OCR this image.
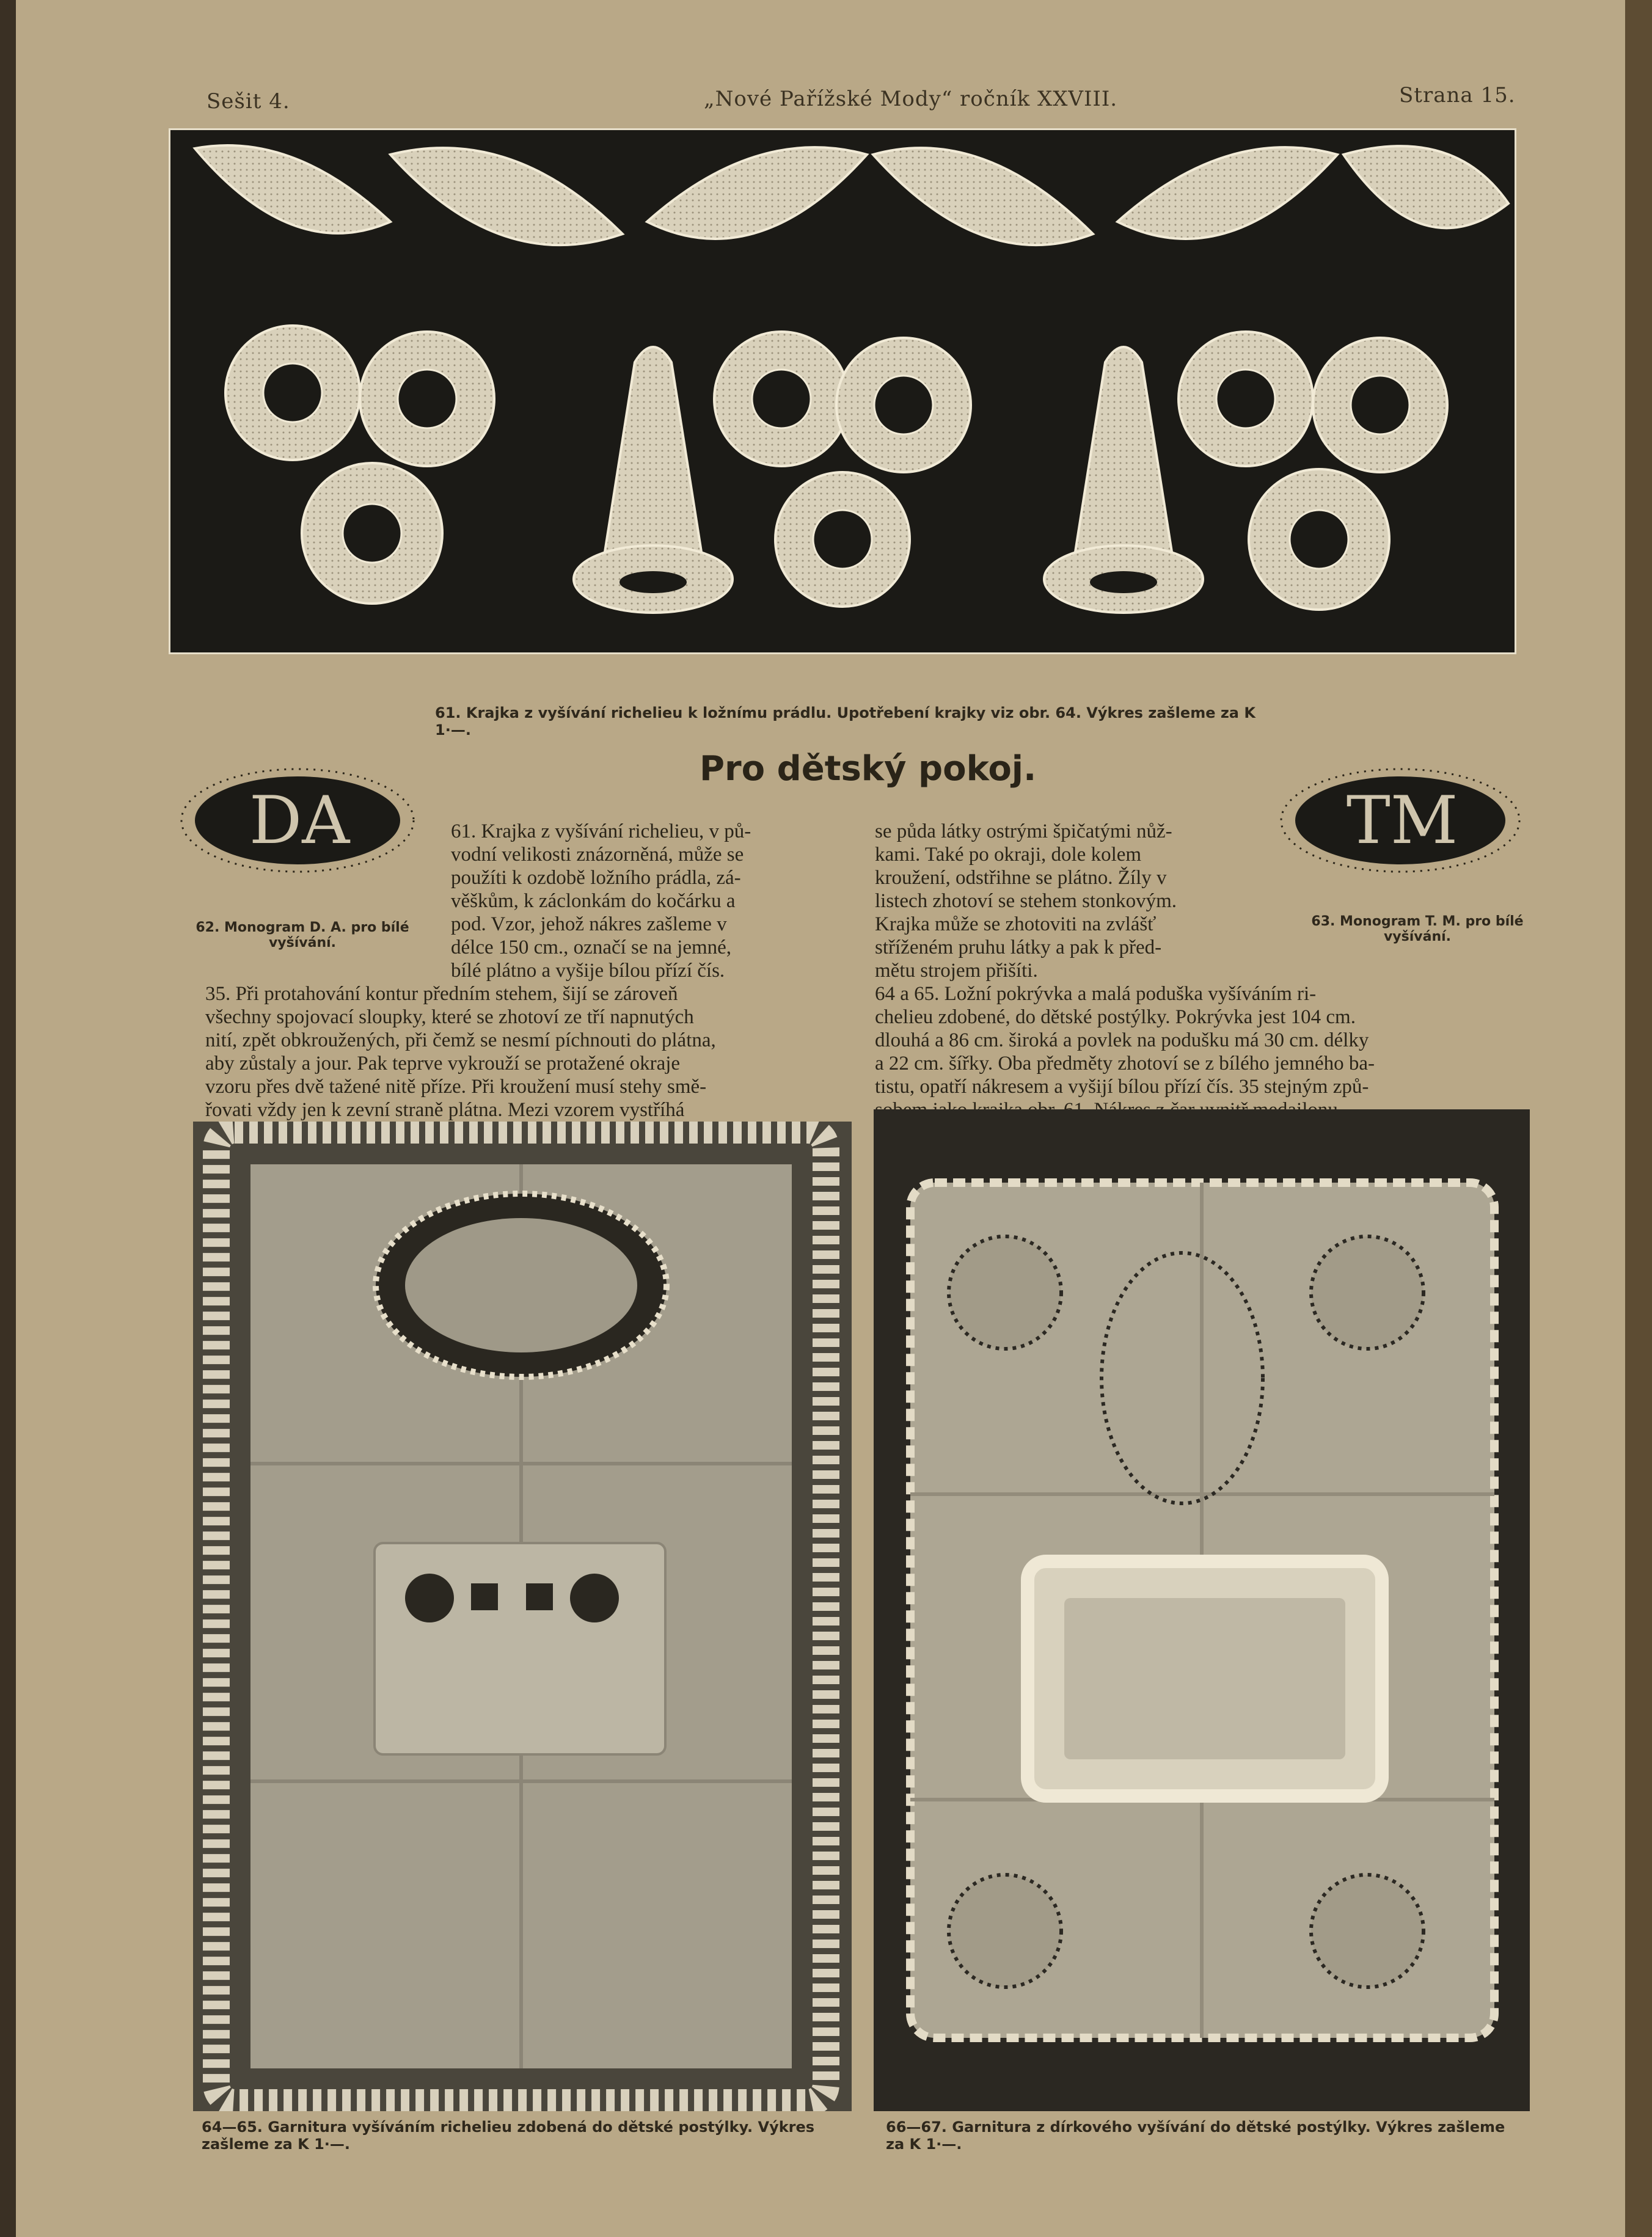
Sešit 4.	„Nové Pařížské Mody“ ročník XXVIII.	Strana 15.
61. Krajka z vyšívání richelieu k ložnímu prádlu. Upotřebení krajky viz obr. 64. Výkres zašleme za K 1·—.
DA
62. Monogram D. A. pro bílé vyšívání.
TM
63. Monogram T. M. pro bílé vyšívání.
Pro dětský pokoj.
61. Krajka z vyšívání richelieu, v pů-
vodní velikosti znázorněná, může se
použíti k ozdobě ložního prádla, zá-
věškům, k záclonkám do kočárku a
pod. Vzor, jehož nákres zašleme v
délce 150 cm., označí se na jemné,
bílé plátno a vyšije bílou přízí čís.
35. Při protahování kontur předním stehem, šijí se zároveň
všechny spojovací sloupky, které se zhotoví ze tří napnutých
nití, zpět obkroužených, při čemž se nesmí píchnouti do plátna,
aby zůstaly a jour. Pak teprve vykrouží se protažené okraje
vzoru přes dvě tažené nitě příze. Při kroužení musí stehy smě-
řovati vždy jen k zevní straně plátna. Mezi vzorem vystříhá
se půda látky ostrými špičatými nůž-
kami. Také po okraji, dole kolem
kroužení, odstřihne se plátno. Žíly v
listech zhotoví se stehem stonkovým.
Krajka může se zhotoviti na zvlášť
stříženém pruhu látky a pak k před-
mětu strojem přišíti.
64 a 65. Ložní pokrývka a malá poduška vyšíváním ri-
chelieu zdobené, do dětské postýlky. Pokrývka jest 104 cm.
dlouhá a 86 cm. široká a povlek na podušku má 30 cm. délky
a 22 cm. šířky. Oba předměty zhotoví se z bílého jemného ba-
tistu, opatří nákresem a vyšijí bílou přízí čís. 35 stejným způ-
64—65. Garnitura vyšíváním richelieu zdobená do dětské postýlky. Výkres zašleme za K 1·—.
66—67. Garnitura z dírkového vyšívání do dětské postýlky. Výkres zašleme za K 1·—.
